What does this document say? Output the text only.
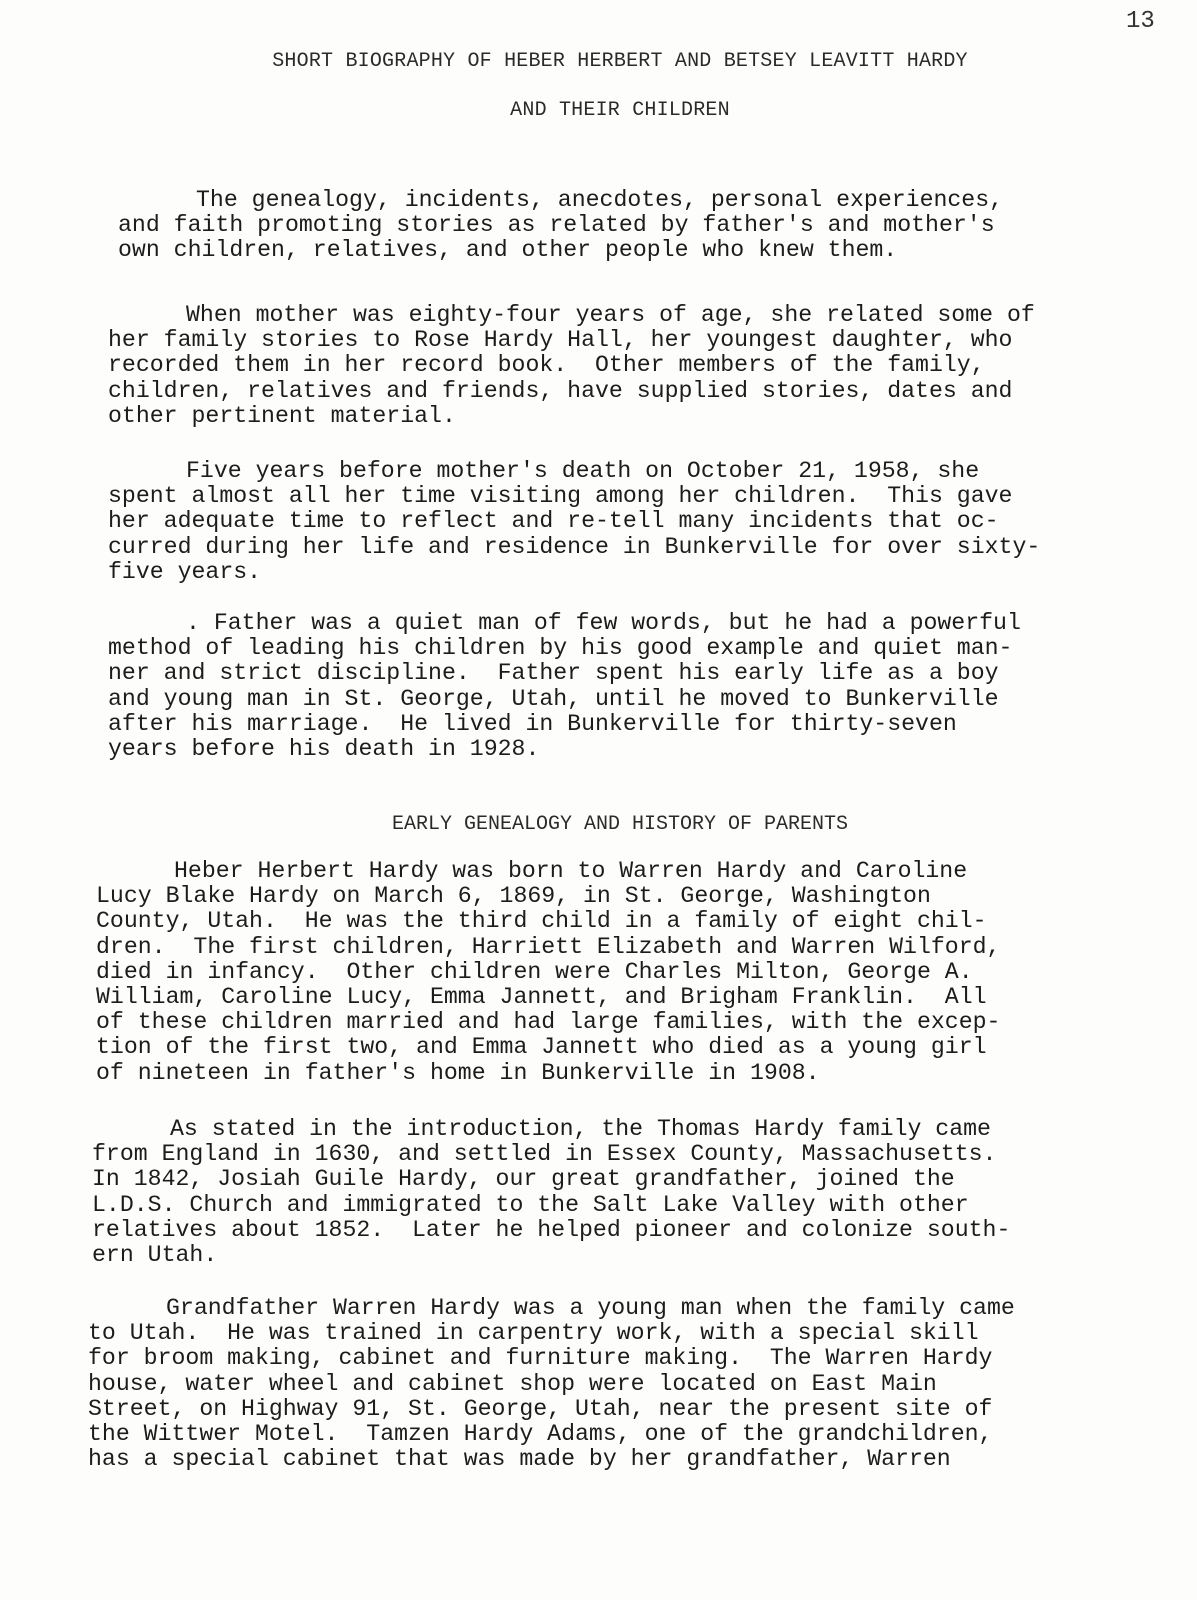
13
SHORT BIOGRAPHY OF HEBER HERBERT AND BETSEY LEAVITT HARDY
AND THEIR CHILDREN
The genealogy, incidents, anecdotes, personal experiences,
and faith promoting stories as related by father's and mother's
own children, relatives, and other people who knew them.
When mother was eighty-four years of age, she related some of
her family stories to Rose Hardy Hall, her youngest daughter, who
recorded them in her record book.  Other members of the family,
children, relatives and friends, have supplied stories, dates and
other pertinent material.
Five years before mother's death on October 21, 1958, she
spent almost all her time visiting among her children.  This gave
her adequate time to reflect and re-tell many incidents that oc-
curred during her life and residence in Bunkerville for over sixty-
five years.
. Father was a quiet man of few words, but he had a powerful
method of leading his children by his good example and quiet man-
ner and strict discipline.  Father spent his early life as a boy
and young man in St. George, Utah, until he moved to Bunkerville
after his marriage.  He lived in Bunkerville for thirty-seven
years before his death in 1928.
EARLY GENEALOGY AND HISTORY OF PARENTS
Heber Herbert Hardy was born to Warren Hardy and Caroline
Lucy Blake Hardy on March 6, 1869, in St. George, Washington
County, Utah.  He was the third child in a family of eight chil-
dren.  The first children, Harriett Elizabeth and Warren Wilford,
died in infancy.  Other children were Charles Milton, George A.
William, Caroline Lucy, Emma Jannett, and Brigham Franklin.  All
of these children married and had large families, with the excep-
tion of the first two, and Emma Jannett who died as a young girl
of nineteen in father's home in Bunkerville in 1908.
As stated in the introduction, the Thomas Hardy family came
from England in 1630, and settled in Essex County, Massachusetts.
In 1842, Josiah Guile Hardy, our great grandfather, joined the
L.D.S. Church and immigrated to the Salt Lake Valley with other
relatives about 1852.  Later he helped pioneer and colonize south-
ern Utah.
Grandfather Warren Hardy was a young man when the family came
to Utah.  He was trained in carpentry work, with a special skill
for broom making, cabinet and furniture making.  The Warren Hardy
house, water wheel and cabinet shop were located on East Main
Street, on Highway 91, St. George, Utah, near the present site of
the Wittwer Motel.  Tamzen Hardy Adams, one of the grandchildren,
has a special cabinet that was made by her grandfather, Warren
